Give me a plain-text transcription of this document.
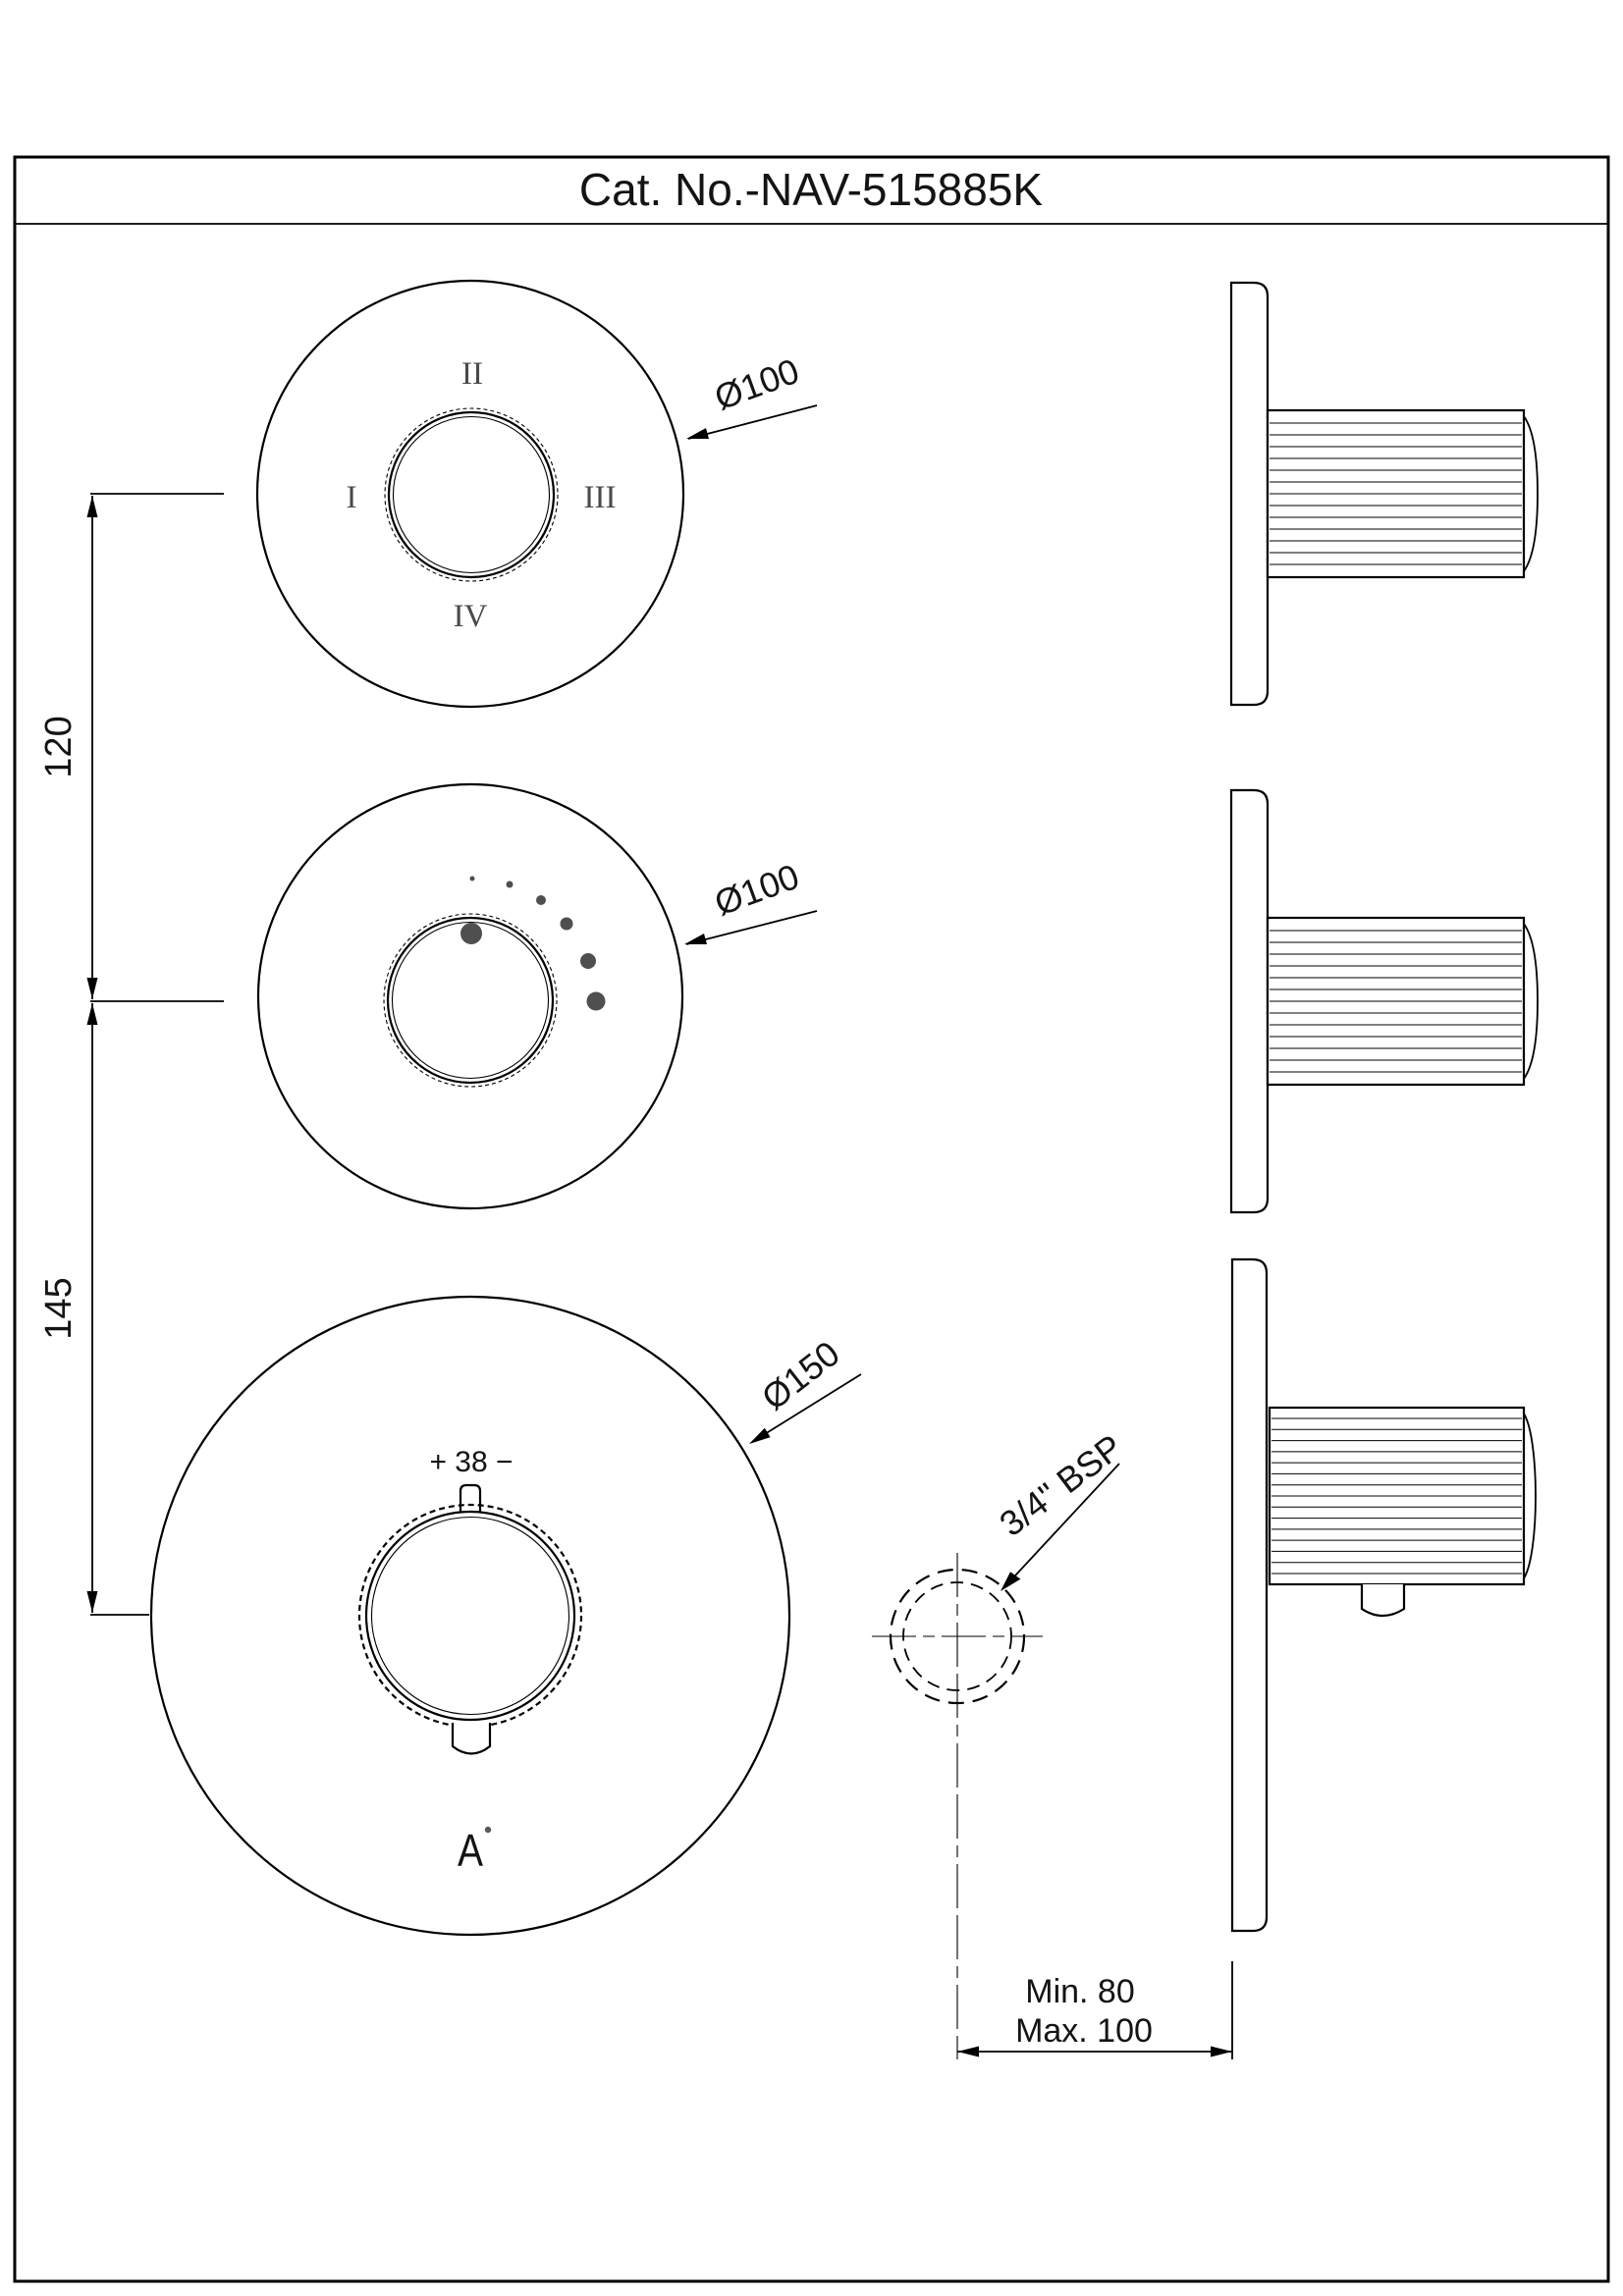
Cat. No.-NAV-515885K
I
II
III
IV
Ø100
Ø100
+ 38 −
A
Ø150
3/4" BSP
120
145
Min. 80
Max. 100
